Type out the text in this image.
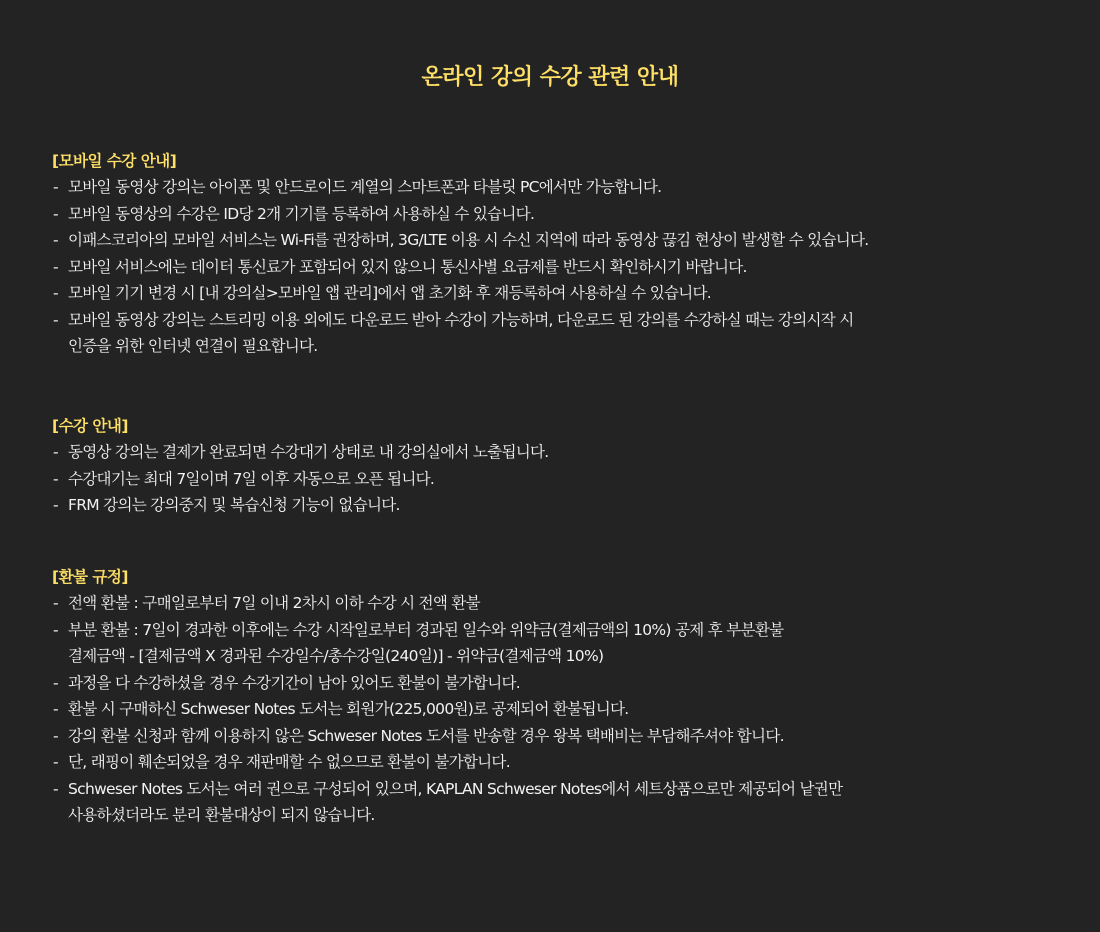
온라인 강의 수강 관련 안내
[모바일 수강 안내]
- 모바일 동영상 강의는 아이폰 및 안드로이드 계열의 스마트폰과 타블릿 PC에서만 가능합니다.
- 모바일 동영상의 수강은 ID당 2개 기기를 등록하여 사용하실 수 있습니다.
- 이패스코리아의 모바일 서비스는 Wi-Fi를 권장하며, 3G/LTE 이용 시 수신 지역에 따라 동영상 끊김 현상이 발생할 수 있습니다.
- 모바일 서비스에는 데이터 통신료가 포함되어 있지 않으니 통신사별 요금제를 반드시 확인하시기 바랍니다.
- 모바일 기기 변경 시 [내 강의실>모바일 앱 관리]에서 앱 초기화 후 재등록하여 사용하실 수 있습니다.
- 모바일 동영상 강의는 스트리밍 이용 외에도 다운로드 받아 수강이 가능하며, 다운로드 된 강의를 수강하실 때는 강의시작 시
인증을 위한 인터넷 연결이 필요합니다.
[수강 안내]
- 동영상 강의는 결제가 완료되면 수강대기 상태로 내 강의실에서 노출됩니다.
- 수강대기는 최대 7일이며 7일 이후 자동으로 오픈 됩니다.
- FRM 강의는 강의중지 및 복습신청 기능이 없습니다.
[환불 규정]
- 전액 환불 : 구매일로부터 7일 이내 2차시 이하 수강 시 전액 환불
- 부분 환불 : 7일이 경과한 이후에는 수강 시작일로부터 경과된 일수와 위약금(결제금액의 10%) 공제 후 부분환불
결제금액 - [결제금액 X 경과된 수강일수/총수강일(240일)] - 위약금(결제금액 10%)
- 과정을 다 수강하셨을 경우 수강기간이 남아 있어도 환불이 불가합니다.
- 환불 시 구매하신 Schweser Notes 도서는 회원가(225,000원)로 공제되어 환불됩니다.
- 강의 환불 신청과 함께 이용하지 않은 Schweser Notes 도서를 반송할 경우 왕복 택배비는 부담해주셔야 합니다.
- 단, 래핑이 훼손되었을 경우 재판매할 수 없으므로 환불이 불가합니다.
- Schweser Notes 도서는 여러 권으로 구성되어 있으며, KAPLAN Schweser Notes에서 세트상품으로만 제공되어 낱권만
사용하셨더라도 분리 환불대상이 되지 않습니다.
